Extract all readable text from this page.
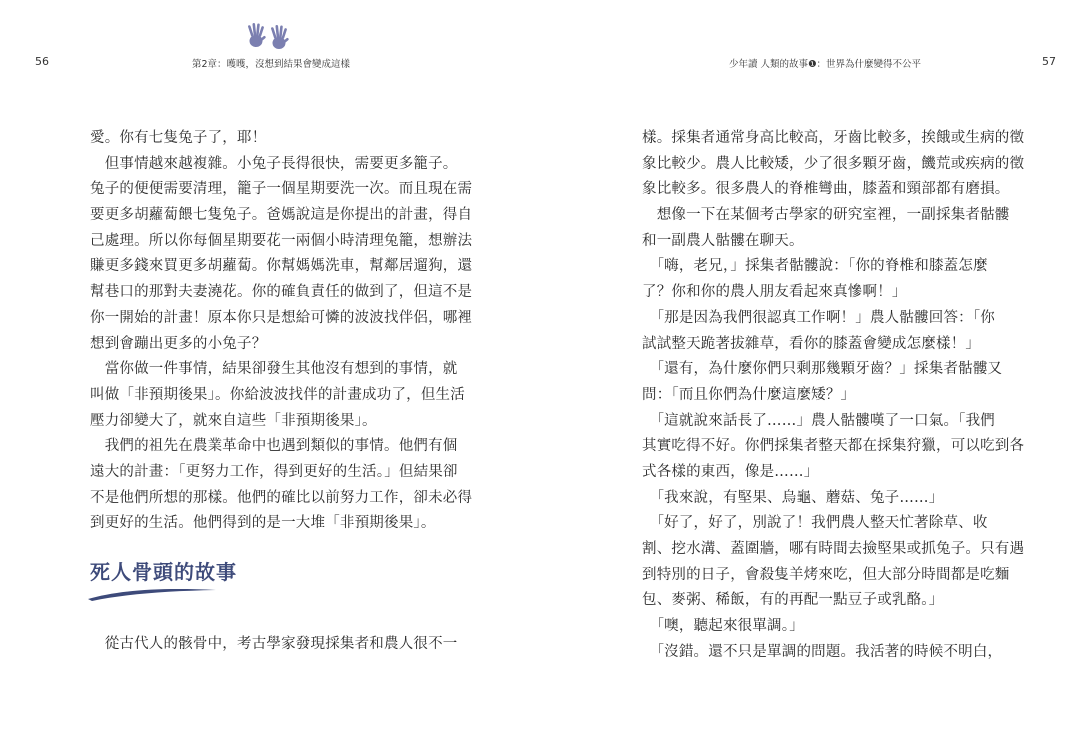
56	第2章：嚄嚄，沒想到結果會變成這樣
愛。你有七隻兔子了，耶！
　但事情越來越複雜。小兔子長得很快，需要更多籠子。
兔子的便便需要清理，籠子一個星期要洗一次。而且現在需
要更多胡蘿蔔餵七隻兔子。爸媽說這是你提出的計畫，得自
己處理。所以你每個星期要花一兩個小時清理兔籠，想辦法
賺更多錢來買更多胡蘿蔔。你幫媽媽洗車，幫鄰居遛狗，還
幫巷口的那對夫妻澆花。你的確負責任的做到了，但這不是
你一開始的計畫！原本你只是想給可憐的波波找伴侶，哪裡
想到會蹦出更多的小兔子？
　當你做一件事情，結果卻發生其他沒有想到的事情，就
叫做「非預期後果」。你給波波找伴的計畫成功了，但生活
壓力卻變大了，就來自這些「非預期後果」。
　我們的祖先在農業革命中也遇到類似的事情。他們有個
遠大的計畫：「更努力工作，得到更好的生活。」但結果卻
不是他們所想的那樣。他們的確比以前努力工作，卻未必得
到更好的生活。他們得到的是一大堆「非預期後果」。
死人骨頭的故事
　從古代人的骸骨中，考古學家發現採集者和農人很不一
少年讀 人類的故事❶：世界為什麼變得不公平	57
樣。採集者通常身高比較高，牙齒比較多，挨餓或生病的徵
象比較少。農人比較矮，少了很多顆牙齒，饑荒或疾病的徵
象比較多。很多農人的脊椎彎曲，膝蓋和頸部都有磨損。
　想像一下在某個考古學家的研究室裡，一副採集者骷髏
和一副農人骷髏在聊天。
　「嗨，老兄，」採集者骷髏說：「你的脊椎和膝蓋怎麼
了？你和你的農人朋友看起來真慘啊！」
　「那是因為我們很認真工作啊！」農人骷髏回答：「你
試試整天跪著拔雜草，看你的膝蓋會變成怎麼樣！」
　「還有，為什麼你們只剩那幾顆牙齒？」採集者骷髏又
問：「而且你們為什麼這麼矮？」
　「這就說來話長了……」農人骷髏嘆了一口氣。「我們
其實吃得不好。你們採集者整天都在採集狩獵，可以吃到各
式各樣的東西，像是……」
　「我來說，有堅果、烏龜、蘑菇、兔子……」
　「好了，好了，別說了！我們農人整天忙著除草、收
割、挖水溝、蓋圍牆，哪有時間去撿堅果或抓兔子。只有遇
到特別的日子，會殺隻羊烤來吃，但大部分時間都是吃麵
包、麥粥、稀飯，有的再配一點豆子或乳酪。」
　「噢，聽起來很單調。」
　「沒錯。還不只是單調的問題。我活著的時候不明白，
